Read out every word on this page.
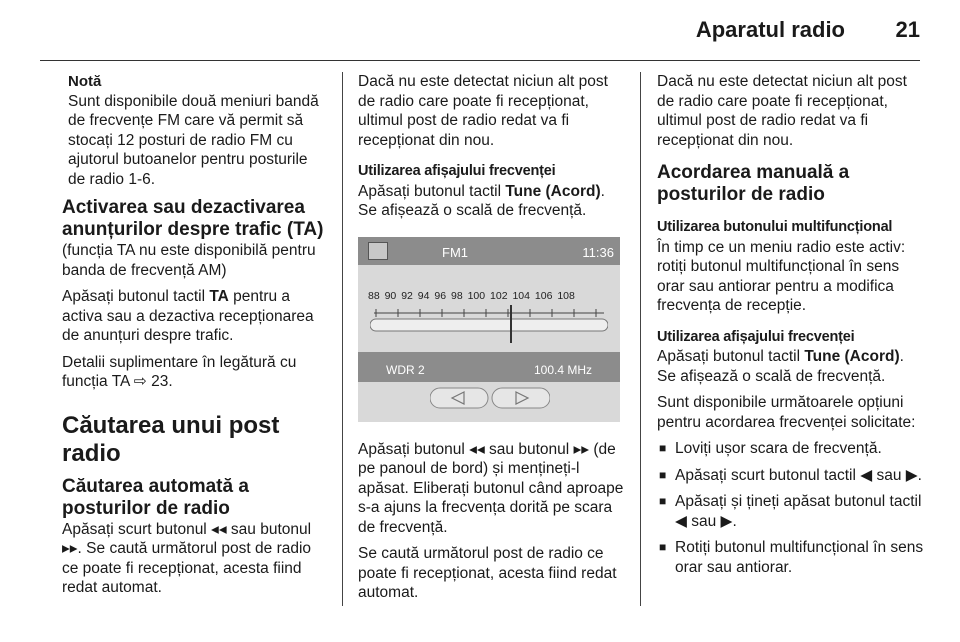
Aparatul radio 21
Notă
Sunt disponibile două meniuri bandă de frecvențe FM care vă permit să stocați 12 posturi de radio FM cu ajutorul butoanelor pentru posturile de radio 1-6.
Activarea sau dezactivarea anunțurilor despre trafic (TA)

(funcția TA nu este disponibilă pentru banda de frecvență AM)

Apăsați butonul tactil TA pentru a activa sau a dezactiva recepționarea de anunțuri despre trafic.

Detalii suplimentare în legătură cu funcția TA ⇨ 23.

Căutarea unui post radio
Căutarea automată a posturilor de radio

Apăsați scurt butonul ◂◂ sau butonul ▸▸. Se caută următorul post de radio ce poate fi recepționat, acesta fiind redat automat.

Dacă nu este detectat niciun alt post de radio care poate fi recepționat, ultimul post de radio redat va fi recepționat din nou.

Utilizarea afișajului frecvenței

Apăsați butonul tactil Tune (Acord). Se afișează o scală de frecvență.

FM1	11:36
88 90 92 94 96 98 100 102 104 106 108
WDR 2	100.4 MHz

Apăsați butonul ◂◂ sau butonul ▸▸ (de pe panoul de bord) și mențineți-l apăsat. Eliberați butonul când aproape s-a ajuns la frecvența dorită pe scara de frecvență.

Se caută următorul post de radio ce poate fi recepționat, acesta fiind redat automat.

Dacă nu este detectat niciun alt post de radio care poate fi recepționat, ultimul post de radio redat va fi recepționat din nou.

Acordarea manuală a posturilor de radio
Utilizarea butonului multifuncțional

În timp ce un meniu radio este activ: rotiți butonul multifuncțional în sens orar sau antiorar pentru a modifica frecvența de recepție.

Utilizarea afișajului frecvenței

Apăsați butonul tactil Tune (Acord). Se afișează o scală de frecvență.

Sunt disponibile următoarele opțiuni pentru acordarea frecvenței solicitate:

■ Loviți ușor scara de frecvență.
■ Apăsați scurt butonul tactil ◀ sau ▶.
■ Apăsați și țineți apăsat butonul tactil ◀ sau ▶.
■ Rotiți butonul multifuncțional în sens orar sau antiorar.
